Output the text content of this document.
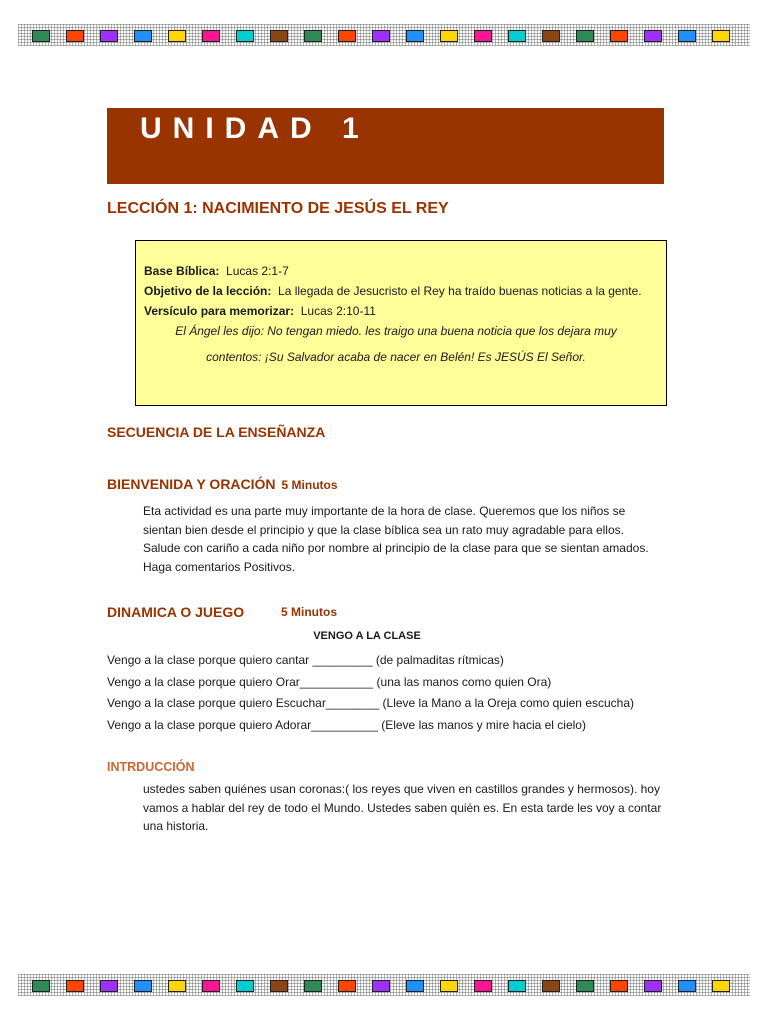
UNIDAD 1
LECCIÓN 1: NACIMIENTO DE JESÚS EL REY

Base Bíblica: Lucas 2:1-7

Objetivo de la lección: La llegada de Jesucristo el Rey ha traído buenas noticias a la gente.

Versículo para memorizar: Lucas 2:10-11

El Ángel les dijo: No tengan miedo. les traigo una buena noticia que los dejara muy

contentos: ¡Su Salvador acaba de nacer en Belén! Es JESÚS El Señor.

SECUENCIA DE LA ENSEÑANZA
BIENVENIDA Y ORACIÓN 5 Minutos

Eta actividad es una parte muy importante de la hora de clase. Queremos que los niños se sientan bien desde el principio y que la clase bíblica sea un rato muy agradable para ellos. Salude con cariño a cada niño por nombre al principio de la clase para que se sientan amados. Haga comentarios Positivos.

DINAMICA O JUEGO	5 Minutos

VENGO A LA CLASE

Vengo a la clase porque quiero cantar _________ (de palmaditas rítmicas)
Vengo a la clase porque quiero Orar___________ (una las manos como quien Ora)
Vengo a la clase porque quiero Escuchar________ (Lleve la Mano a la Oreja como quien escucha)
Vengo a la clase porque quiero Adorar__________ (Eleve las manos y mire hacia el cielo)
INTRDUCCIÓN

ustedes saben quiénes usan coronas:( los reyes que viven en castillos grandes y hermosos). hoy vamos a hablar del rey de todo el Mundo. Ustedes saben quién es. En esta tarde les voy a contar una historia.
